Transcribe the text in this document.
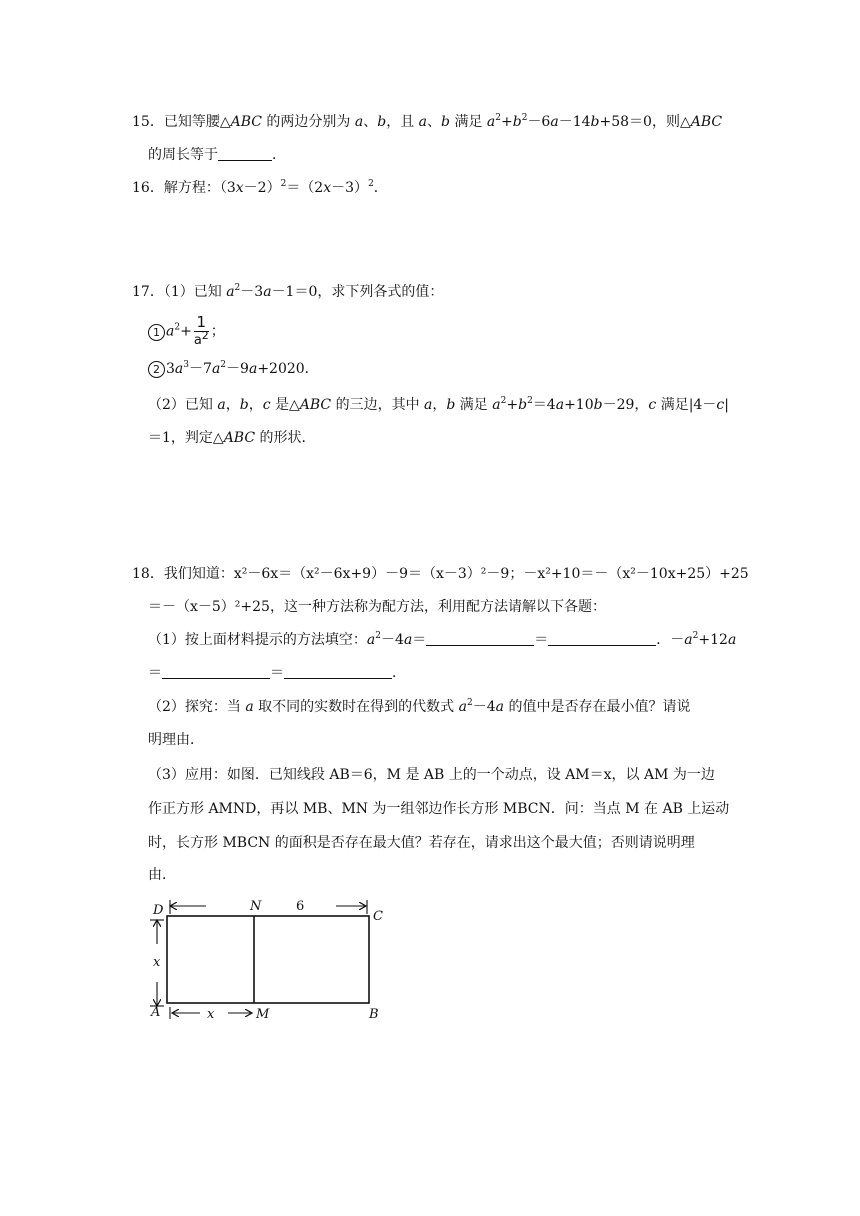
15．已知等腰△ABC 的两边分别为 a、b，且 a、b 满足 $a^2+b^2-6a-14b+58=0$，则△ABC
的周长等于	．
16．解方程：$(3x-2)^2=(2x-3)^2$．
17．（1）已知 $a^2-3a-1=0$，求下列各式的值：
1 $a^2+ \frac{1}{a^2}$ ；
2 $3a^3-7a^2-9a+2020$．
（2）已知 a，b，c 是△ABC 的三边，其中 a，b 满足 $a^2+b^2=4a+10b-29$，c 满足|4－c|
＝1，判定△ABC 的形状．
18．我们知道：x²－6x＝（x²－6x+9）－9＝（x－3）²－9；－x²+10＝－（x²－10x+25）+25
＝－（x－5）²+25，这一种方法称为配方法，利用配方法请解以下各题：
（1）按上面材料提示的方法填空：$a^2-4a=$	＝	．$-a^2+12a$
＝	＝	．
（2）探究：当 a 取不同的实数时在得到的代数式 $a^2-4a$ 的值中是否存在最小值？请说
明理由．
（3）应用：如图．已知线段 AB＝6，M 是 AB 上的一个动点，设 AM＝x，以 AM 为一边
作正方形 AMND，再以 MB、MN 为一组邻边作长方形 MBCN．问：当点 M 在 AB 上运动
时，长方形 MBCN 的面积是否存在最大值？若存在，请求出这个最大值；否则请说明理
由．
D	N	6
C
x
A	x	M	B
